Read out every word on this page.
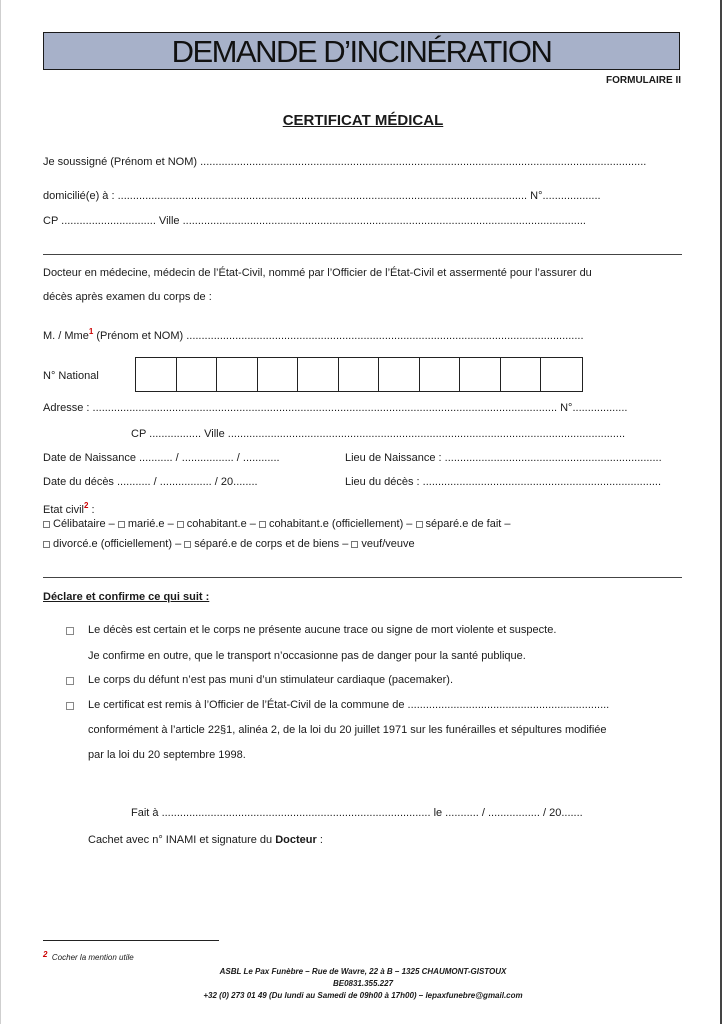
DEMANDE D’INCINÉRATION
FORMULAIRE II
CERTIFICAT MÉDICAL
Je soussigné (Prénom et NOM) ..................................................................................................................................................
domicilié(e) à : ...................................................................................................................................... N°...................
CP ............................... Ville ....................................................................................................................................
Docteur en médecine, médecin de l’État-Civil, nommé par l’Officier de l’État-Civil et assermenté pour l’assurer du
décès après examen du corps de :
M. / Mme$^1$ (Prénom et NOM) ..................................................................................................................................
N° National
Adresse : ........................................................................................................................................................ N°..................
CP ................. Ville ..................................................................................................................................
Date de Naissance ........... / ................. / ............	Lieu de Naissance : .......................................................................
Date du décès ........... / ................. / 20........	Lieu du décès : ..............................................................................
Etat civil$^2$ :
Célibataire – marié.e – cohabitant.e – cohabitant.e (officiellement) – séparé.e de fait –
divorcé.e (officiellement) – séparé.e de corps et de biens – veuf/veuve
Déclare et confirme ce qui suit :
Le décès est certain et le corps ne présente aucune trace ou signe de mort violente et suspecte.
Je confirme en outre, que le transport n’occasionne pas de danger pour la santé publique.
Le corps du défunt n’est pas muni d’un stimulateur cardiaque (pacemaker).
Le certificat est remis à l’Officier de l’État-Civil de la commune de ..................................................................
conformément à l’article 22§1, alinéa 2, de la loi du 20 juillet 1971 sur les funérailles et sépultures modifiée
par la loi du 20 septembre 1998.
Fait à ........................................................................................ le ........... / ................. / 20.......
Cachet avec n° INAMI et signature du Docteur :
2 Cocher la mention utile
ASBL Le Pax Funèbre – Rue de Wavre, 22 à B – 1325 CHAUMONT-GISTOUX
BE0831.355.227
+32 (0) 273 01 49 (Du lundi au Samedi de 09h00 à 17h00) – lepaxfunebre@gmail.com
